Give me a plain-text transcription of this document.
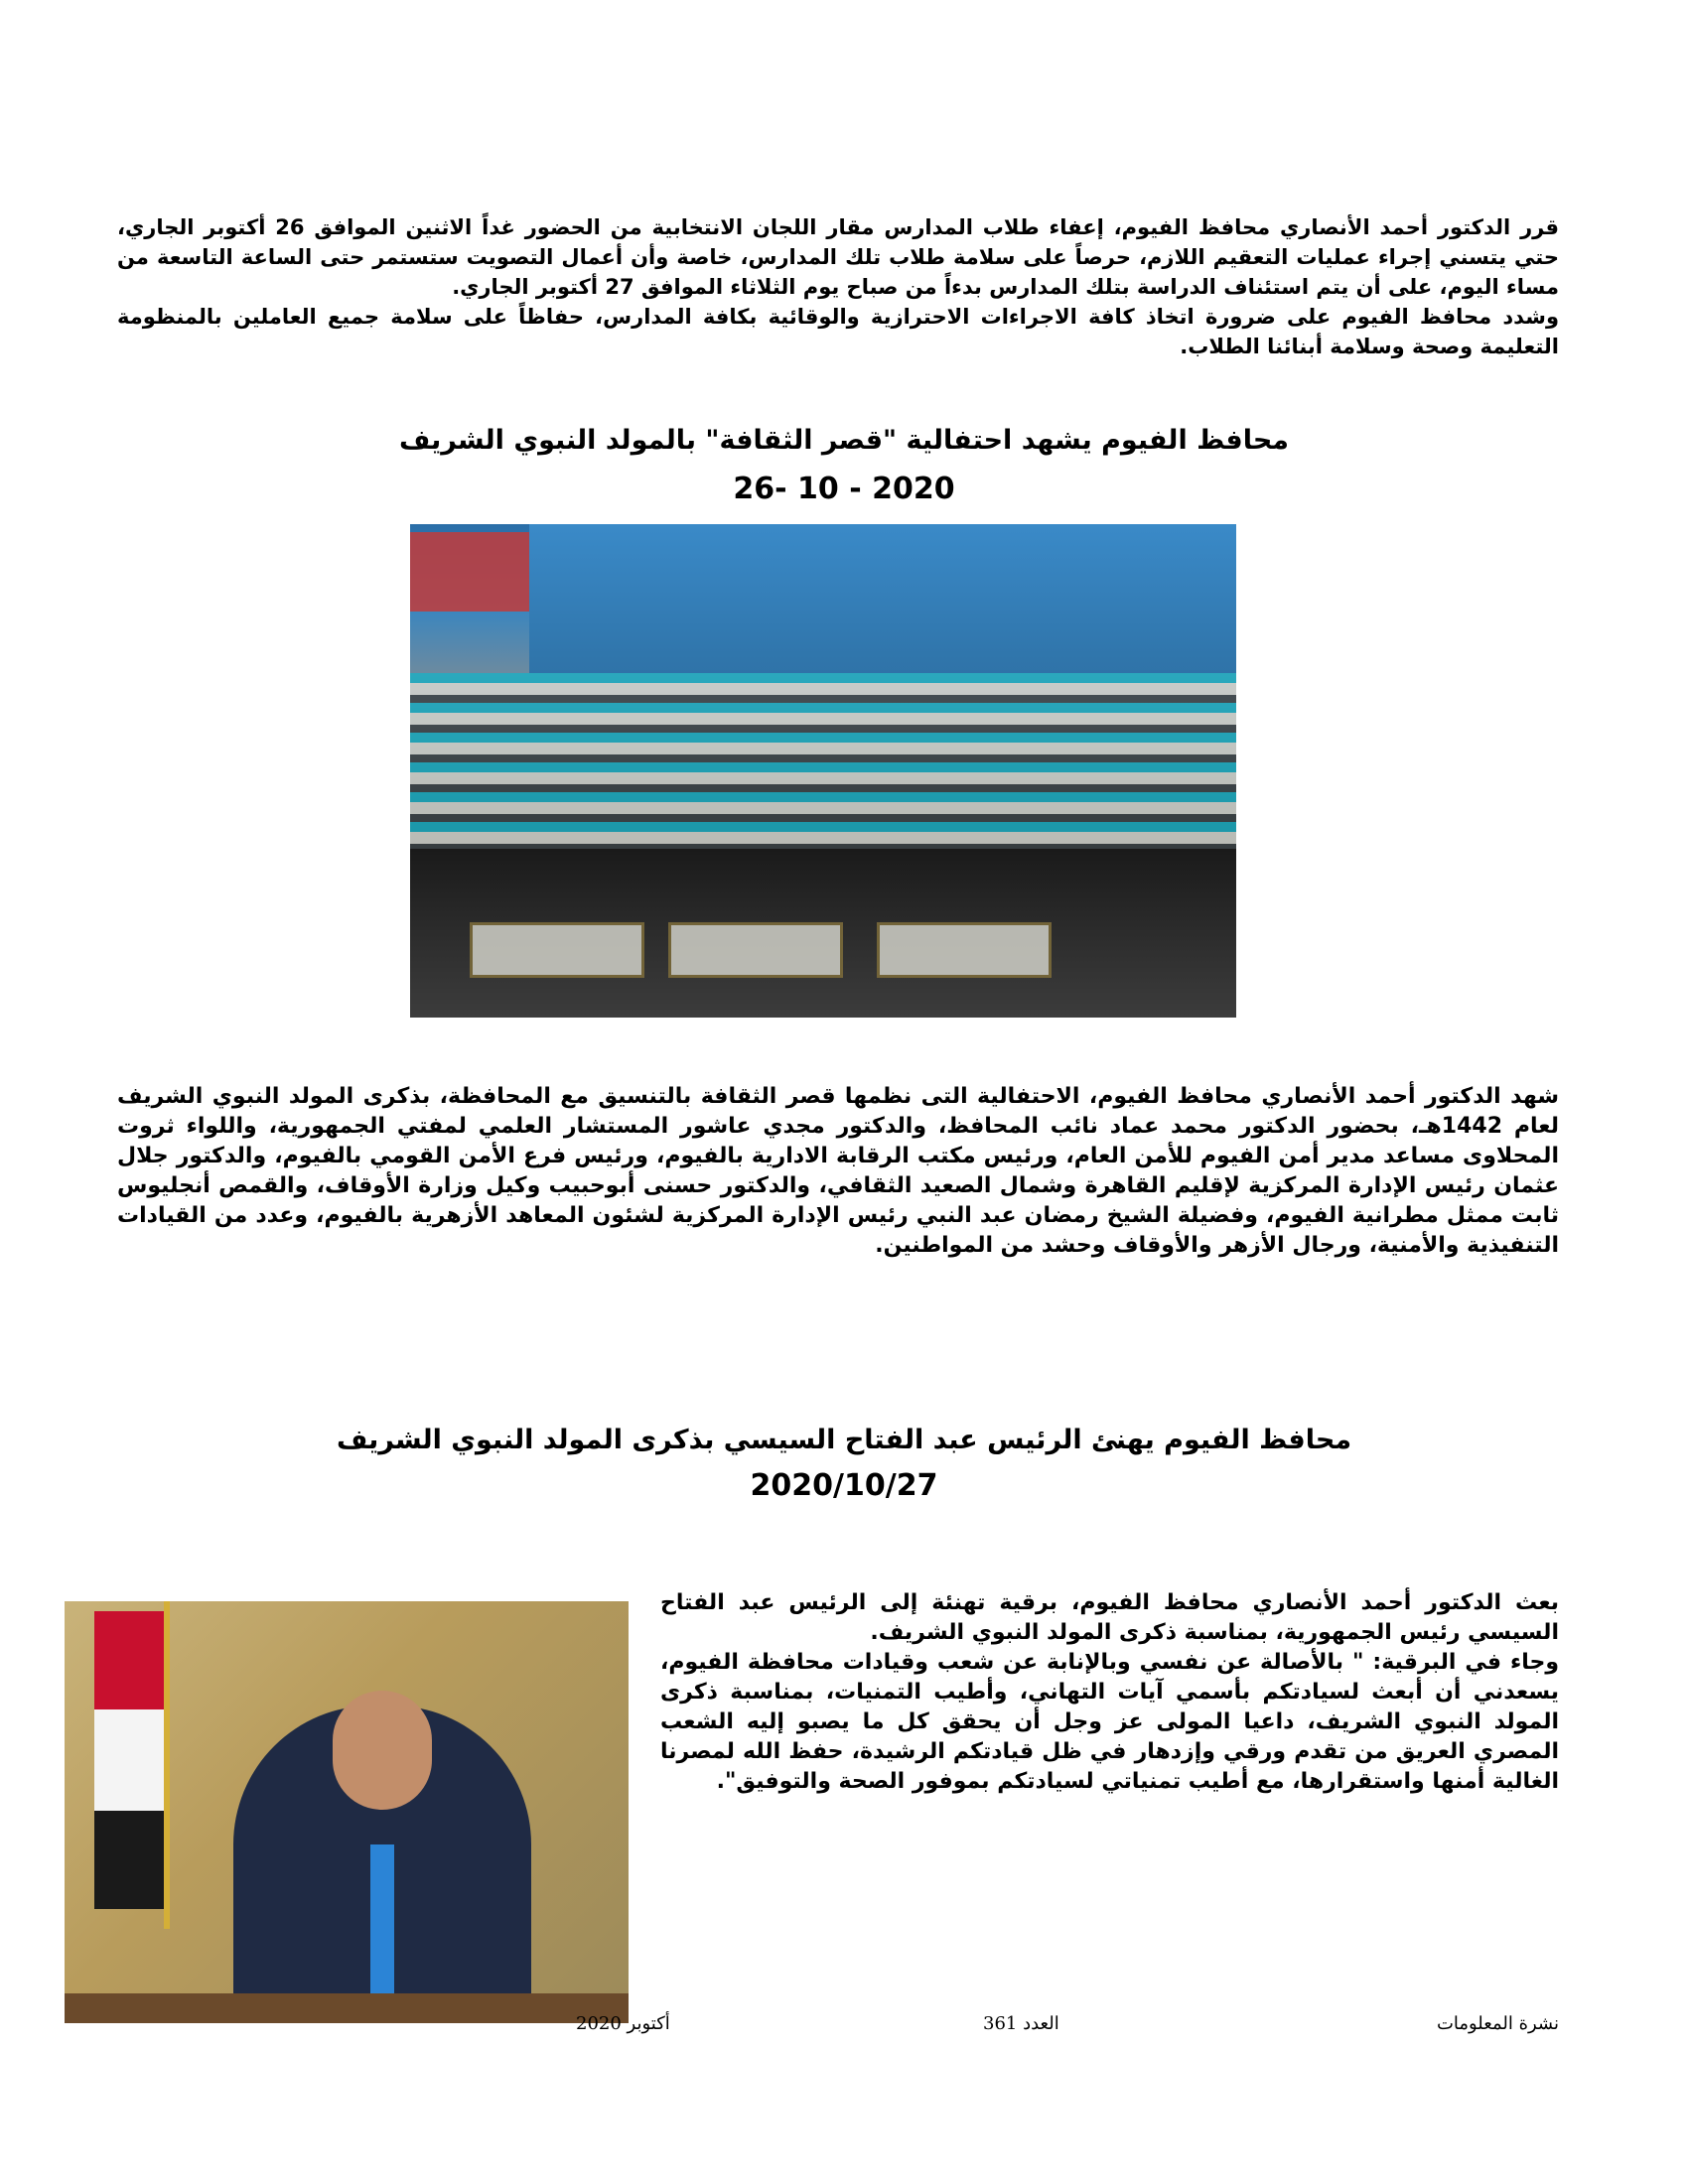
قرر الدكتور أحمد الأنصاري محافظ الفيوم، إعفاء طلاب المدارس مقار اللجان الانتخابية من الحضور غداً الاثنين الموافق 26 أكتوبر الجاري، حتي يتسني إجراء عمليات التعقيم اللازم، حرصاً على سلامة طلاب تلك المدارس، خاصة وأن أعمال التصويت ستستمر حتى الساعة التاسعة من مساء اليوم، على أن يتم استئناف الدراسة بتلك المدارس بدءاً من صباح يوم الثلاثاء الموافق 27 أكتوبر الجاري.

وشدد محافظ الفيوم على ضرورة اتخاذ كافة الاجراءات الاحترازية والوقائية بكافة المدارس، حفاظاً على سلامة جميع العاملين بالمنظومة التعليمة وصحة وسلامة أبنائنا الطلاب.

محافظ الفيوم يشهد احتفالية "قصر الثقافة" بالمولد النبوي الشريف
26- 10 - 2020
شهد الدكتور أحمد الأنصاري محافظ الفيوم، الاحتفالية التى نظمها قصر الثقافة بالتنسيق مع المحافظة، بذكرى المولد النبوي الشريف لعام 1442هـ، بحضور الدكتور محمد عماد نائب المحافظ، والدكتور مجدي عاشور المستشار العلمي لمفتي الجمهورية، واللواء ثروت المحلاوى مساعد مدير أمن الفيوم للأمن العام، ورئيس مكتب الرقابة الادارية بالفيوم، ورئيس فرع الأمن القومي بالفيوم، والدكتور جلال عثمان رئيس الإدارة المركزية لإقليم القاهرة وشمال الصعيد الثقافي، والدكتور حسنى أبوحبيب وكيل وزارة الأوقاف، والقمص أنجليوس ثابت ممثل مطرانية الفيوم، وفضيلة الشيخ رمضان عبد النبي رئيس الإدارة المركزية لشئون المعاهد الأزهرية بالفيوم، وعدد من القيادات التنفيذية والأمنية، ورجال الأزهر والأوقاف وحشد من المواطنين.
محافظ الفيوم يهنئ الرئيس عبد الفتاح السيسي بذكرى المولد النبوي الشريف
2020/10/27

بعث الدكتور أحمد الأنصاري محافظ الفيوم، برقية تهنئة إلى الرئيس عبد الفتاح السيسي رئيس الجمهورية، بمناسبة ذكرى المولد النبوي الشريف.

وجاء في البرقية: " بالأصالة عن نفسي وبالإنابة عن شعب وقيادات محافظة الفيوم، يسعدني أن أبعث لسيادتكم بأسمي آيات التهاني، وأطيب التمنيات، بمناسبة ذكرى المولد النبوي الشريف، داعيا المولى عز وجل أن يحقق كل ما يصبو إليه الشعب المصري العريق من تقدم ورقي وإزدهار في ظل قيادتكم الرشيدة، حفظ الله لمصرنا الغالية أمنها واستقرارها، مع أطيب تمنياتي لسيادتكم بموفور الصحة والتوفيق".

نشرة المعلومات

العدد 361

أكتوبر 2020
